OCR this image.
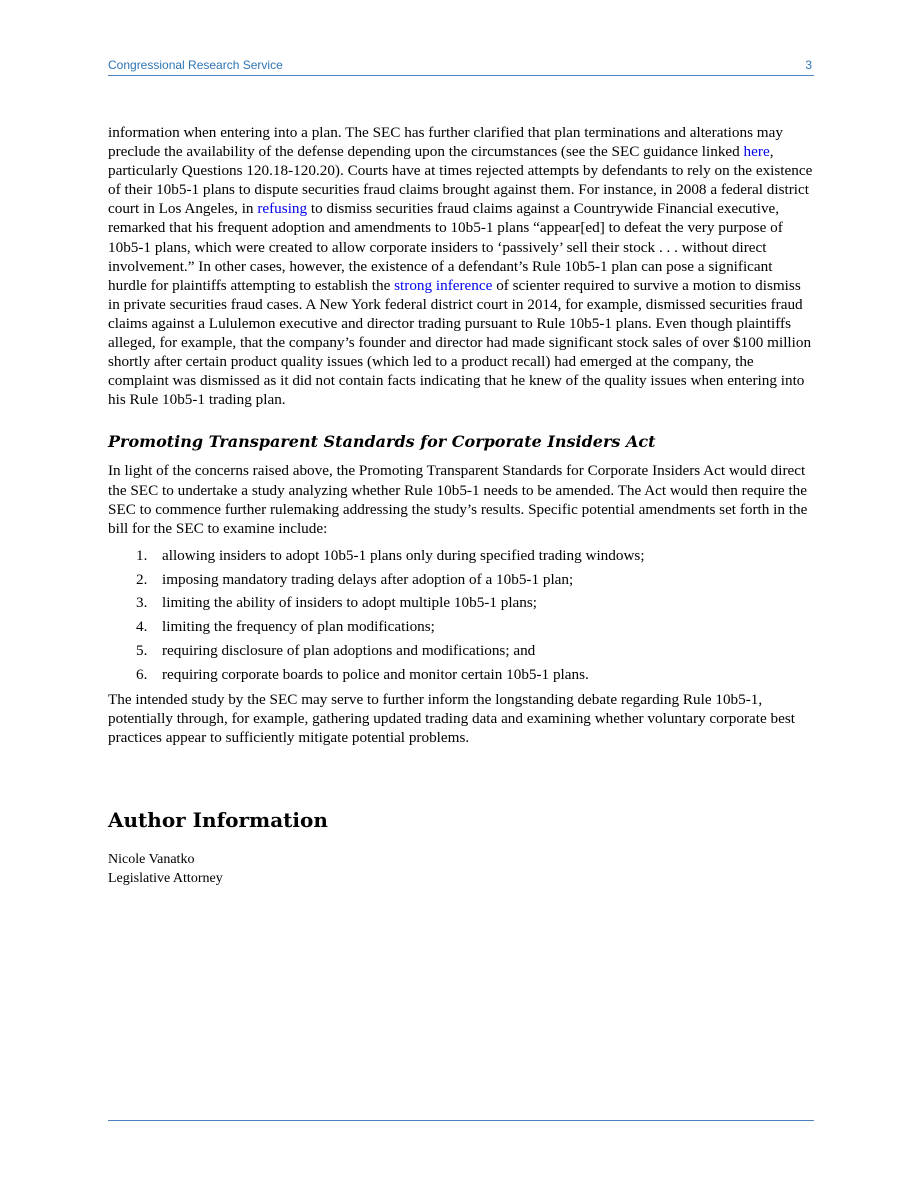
Congressional Research Service	3

information when entering into a plan. The SEC has further clarified that plan terminations and alterations may preclude the availability of the defense depending upon the circumstances (see the SEC guidance linked here, particularly Questions 120.18-120.20). Courts have at times rejected attempts by defendants to rely on the existence of their 10b5-1 plans to dispute securities fraud claims brought against them. For instance, in 2008 a federal district court in Los Angeles, in refusing to dismiss securities fraud claims against a Countrywide Financial executive, remarked that his frequent adoption and amendments to 10b5-1 plans “appear[ed] to defeat the very purpose of 10b5-1 plans, which were created to allow corporate insiders to ‘passively’ sell their stock . . . without direct involvement.” In other cases, however, the existence of a defendant’s Rule 10b5-1 plan can pose a significant hurdle for plaintiffs attempting to establish the strong inference of scienter required to survive a motion to dismiss in private securities fraud cases. A New York federal district court in 2014, for example, dismissed securities fraud claims against a Lululemon executive and director trading pursuant to Rule 10b5-1 plans. Even though plaintiffs alleged, for example, that the company’s founder and director had made significant stock sales of over $100 million shortly after certain product quality issues (which led to a product recall) had emerged at the company, the complaint was dismissed as it did not contain facts indicating that he knew of the quality issues when entering into his Rule 10b5-1 trading plan.

Promoting Transparent Standards for Corporate Insiders Act

In light of the concerns raised above, the Promoting Transparent Standards for Corporate Insiders Act would direct the SEC to undertake a study analyzing whether Rule 10b5-1 needs to be amended. The Act would then require the SEC to commence further rulemaking addressing the study’s results. Specific potential amendments set forth in the bill for the SEC to examine include:

1. allowing insiders to adopt 10b5-1 plans only during specified trading windows;
2. imposing mandatory trading delays after adoption of a 10b5-1 plan;
3. limiting the ability of insiders to adopt multiple 10b5-1 plans;
4. limiting the frequency of plan modifications;
5. requiring disclosure of plan adoptions and modifications; and
6. requiring corporate boards to police and monitor certain 10b5-1 plans.

The intended study by the SEC may serve to further inform the longstanding debate regarding Rule 10b5-1, potentially through, for example, gathering updated trading data and examining whether voluntary corporate best practices appear to sufficiently mitigate potential problems.

Author Information
Nicole Vanatko
Legislative Attorney
